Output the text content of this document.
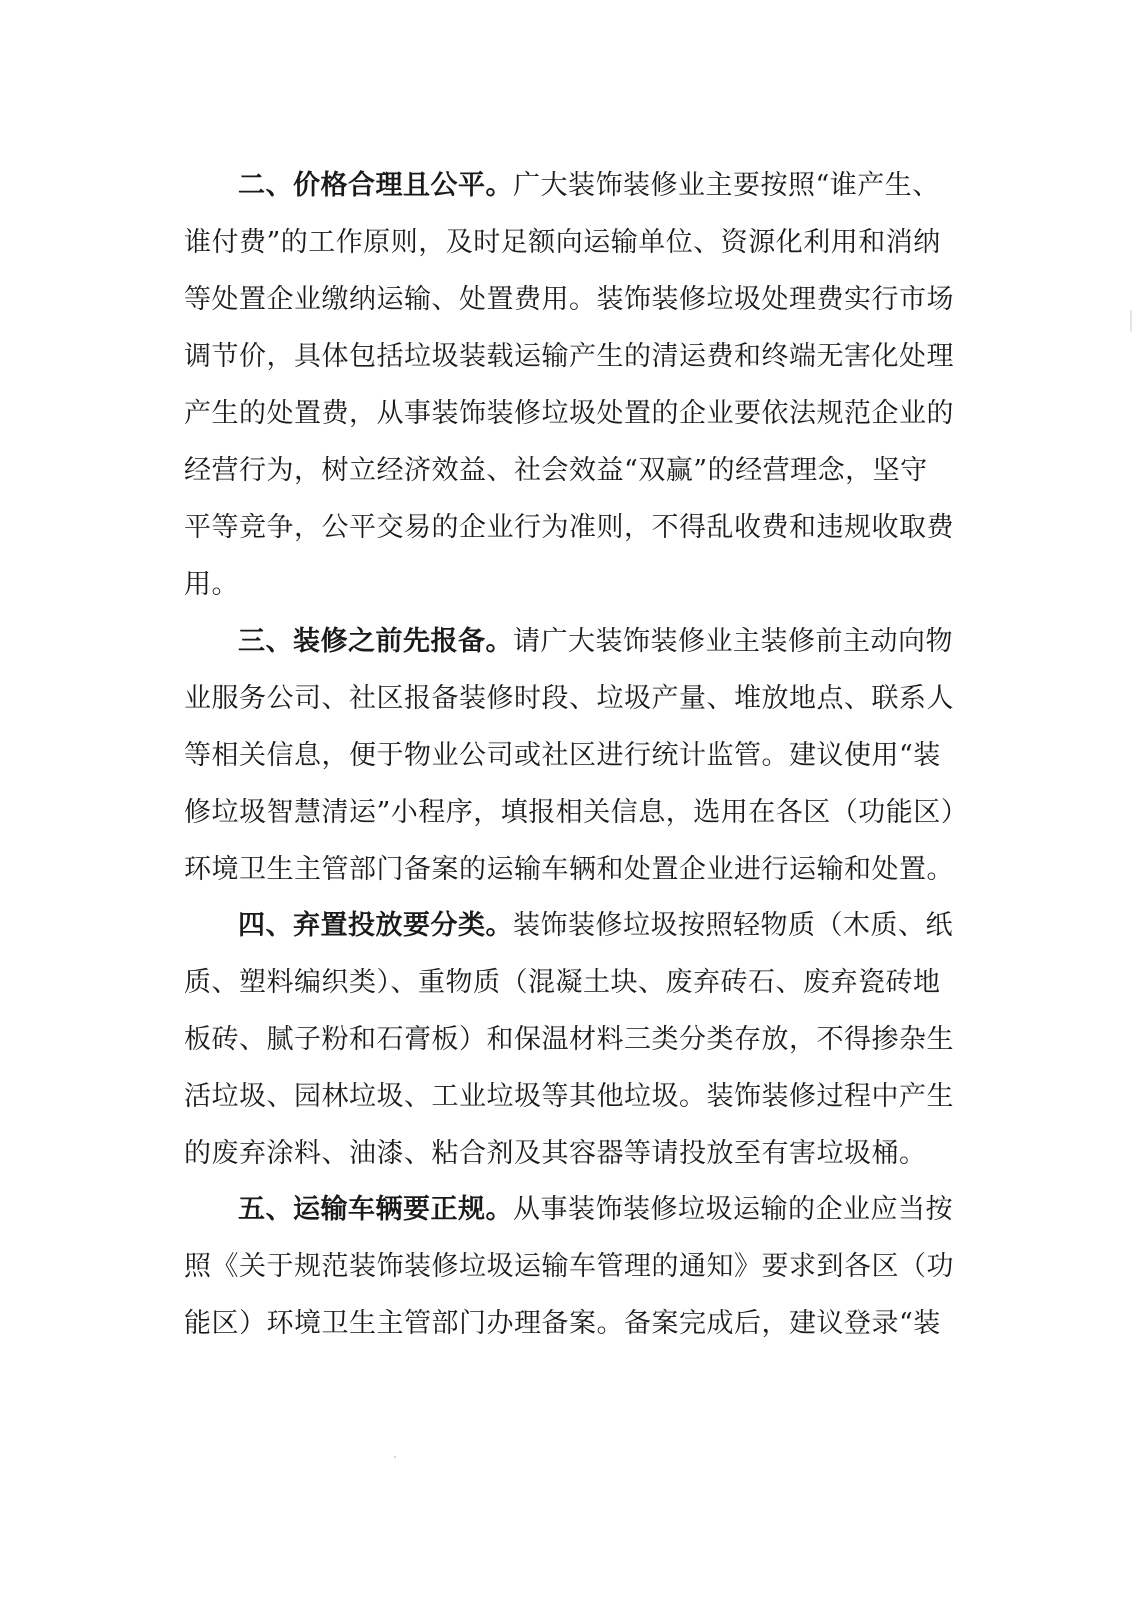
二、价格合理且公平。广大装饰装修业主要按照“谁产生、
谁付费”的工作原则，及时足额向运输单位、资源化利用和消纳
等处置企业缴纳运输、处置费用。装饰装修垃圾处理费实行市场
调节价，具体包括垃圾装载运输产生的清运费和终端无害化处理
产生的处置费，从事装饰装修垃圾处置的企业要依法规范企业的
经营行为，树立经济效益、社会效益“双赢”的经营理念，坚守
平等竞争，公平交易的企业行为准则，不得乱收费和违规收取费
用。
三、装修之前先报备。请广大装饰装修业主装修前主动向物
业服务公司、社区报备装修时段、垃圾产量、堆放地点、联系人
等相关信息，便于物业公司或社区进行统计监管。建议使用“装
修垃圾智慧清运”小程序，填报相关信息，选用在各区（功能区）
环境卫生主管部门备案的运输车辆和处置企业进行运输和处置。
四、弃置投放要分类。装饰装修垃圾按照轻物质（木质、纸
质、塑料编织类）、重物质（混凝土块、废弃砖石、废弃瓷砖地
板砖、腻子粉和石膏板）和保温材料三类分类存放，不得掺杂生
活垃圾、园林垃圾、工业垃圾等其他垃圾。装饰装修过程中产生
的废弃涂料、油漆、粘合剂及其容器等请投放至有害垃圾桶。
五、运输车辆要正规。从事装饰装修垃圾运输的企业应当按
照《关于规范装饰装修垃圾运输车管理的通知》要求到各区（功
能区）环境卫生主管部门办理备案。备案完成后，建议登录“装
